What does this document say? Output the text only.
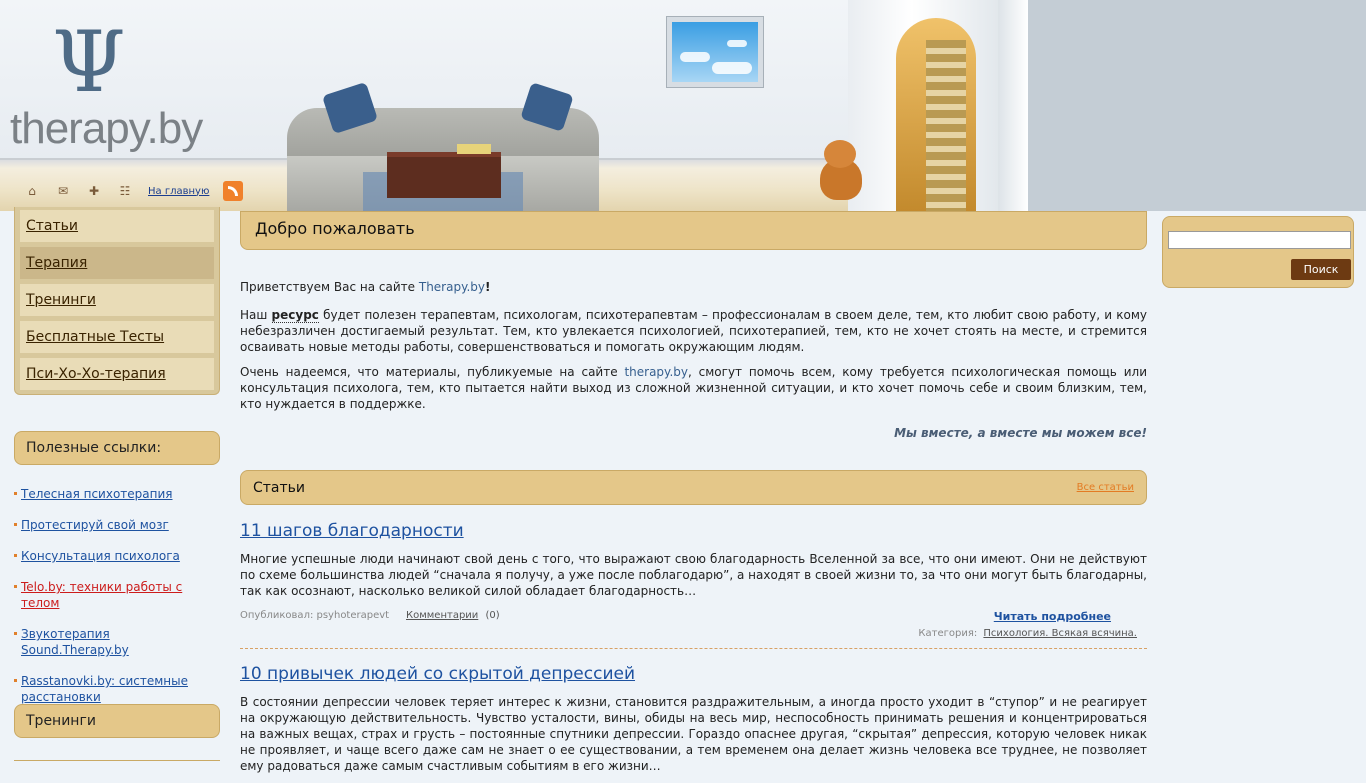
Ψ
therapy.by
⌂	✉ ✚ ☷ На главную
Статьи
Терапия
Тренинги
Бесплатные Тесты
Пси-Хо-Хо-терапия
Полезные ссылки:
Телесная психотерапия
Протестируй свой мозг
Консультация психолога
Telo.by: техники работы с телом
Звукотерапия Sound.Therapy.by
Rasstanovki.by: системные расстановки
Тренинги
Добро пожаловать

Приветствуем Вас на сайте Therapy.by!

Наш ресурс будет полезен терапевтам, психологам, психотерапевтам – профессионалам в своем деле, тем, кто любит свою работу, и кому небезразличен достигаемый результат. Тем, кто увлекается психологией, психотерапией, тем, кто не хочет стоять на месте, и стремится осваивать новые методы работы, совершенствоваться и помогать окружающим людям.

Очень надеемся, что материалы, публикуемые на сайте therapy.by, смогут помочь всем, кому требуется психологическая помощь или консультация психолога, тем, кто пытается найти выход из сложной жизненной ситуации, и кто хочет помочь себе и своим близким, тем, кто нуждается в поддержке.

Мы вместе, а вместе мы можем все!
Статьи	Все статьи
11 шагов благодарности

Многие успешные люди начинают свой день с того, что выражают свою благодарность Вселенной за все, что они имеют. Они не действуют по схеме большинства людей “сначала я получу, а уже после поблагодарю”, а находят в своей жизни то, за что они могут быть благодарны, так как осознают, насколько великой силой обладает благодарность…

Опубликовал: psyhoterapevt Комментарии (0)	Читать подробнее
Категория: Психология. Всякая всячина.
10 привычек людей со скрытой депрессией

В состоянии депрессии человек теряет интерес к жизни, становится раздражительным, а иногда просто уходит в “ступор” и не реагирует на окружающую действительность. Чувство усталости, вины, обиды на весь мир, неспособность принимать решения и концентрироваться на важных вещах, страх и грусть – постоянные спутники депрессии. Гораздо опаснее другая, “скрытая” депрессия, которую человек никак не проявляет, и чаще всего даже сам не знает о ее существовании, а тем временем она делает жизнь человека все труднее, не позволяет ему радоваться даже самым счастливым событиям в его жизни…

Поиск
